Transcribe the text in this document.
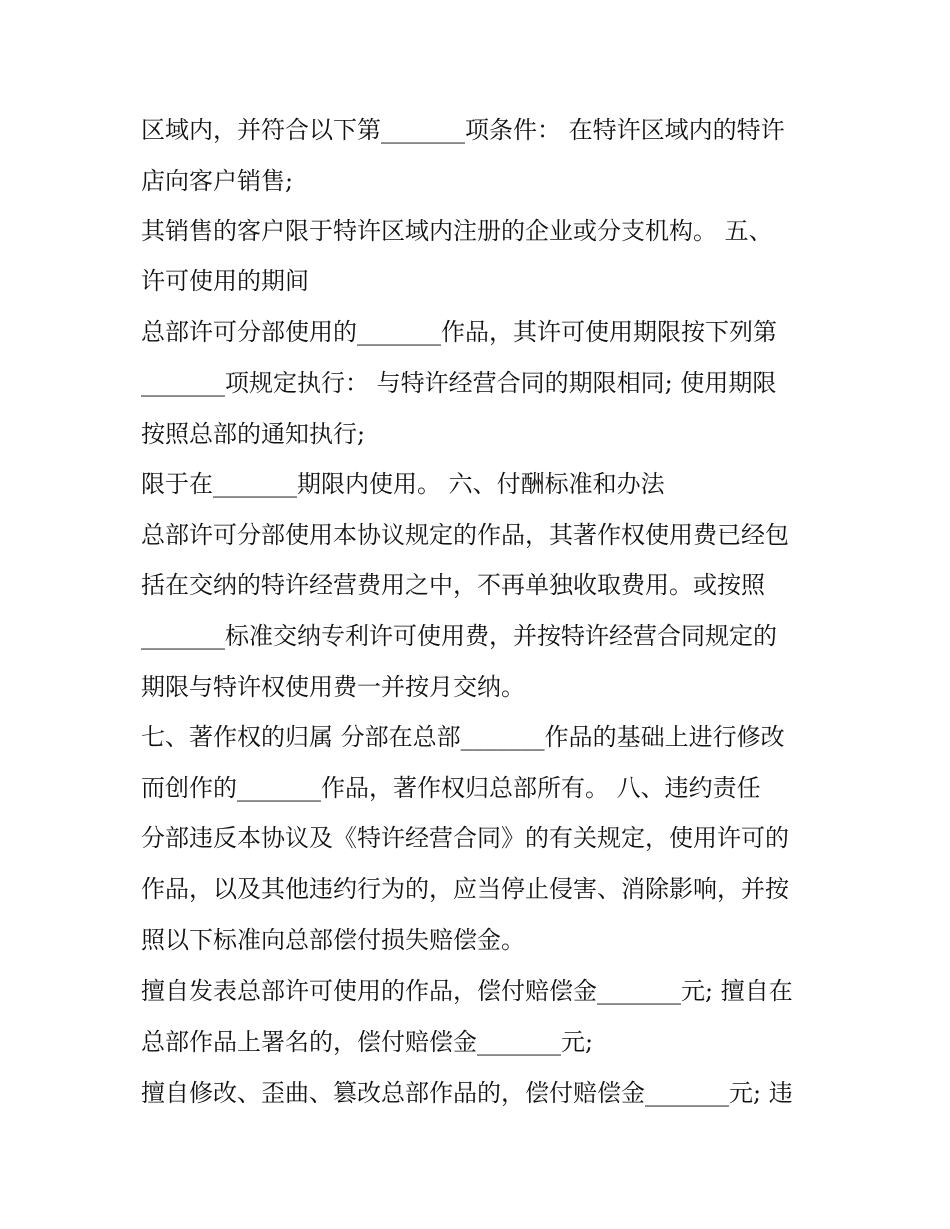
区域内，并符合以下第_______项条件： 在特许区域内的特许
店向客户销售;
其销售的客户限于特许区域内注册的企业或分支机构。 五、
许可使用的期间
总部许可分部使用的_______作品，其许可使用期限按下列第
_______项规定执行： 与特许经营合同的期限相同; 使用期限
按照总部的通知执行;
限于在_______期限内使用。 六、付酬标准和办法
总部许可分部使用本协议规定的作品，其著作权使用费已经包
括在交纳的特许经营费用之中，不再单独收取费用。或按照
_______标准交纳专利许可使用费，并按特许经营合同规定的
期限与特许权使用费一并按月交纳。
七、著作权的归属 分部在总部_______作品的基础上进行修改
而创作的_______作品，著作权归总部所有。 八、违约责任
分部违反本协议及《特许经营合同》的有关规定，使用许可的
作品，以及其他违约行为的，应当停止侵害、消除影响，并按
照以下标准向总部偿付损失赔偿金。
擅自发表总部许可使用的作品，偿付赔偿金_______元; 擅自在
总部作品上署名的，偿付赔偿金_______元;
擅自修改、歪曲、篡改总部作品的，偿付赔偿金_______元; 违
